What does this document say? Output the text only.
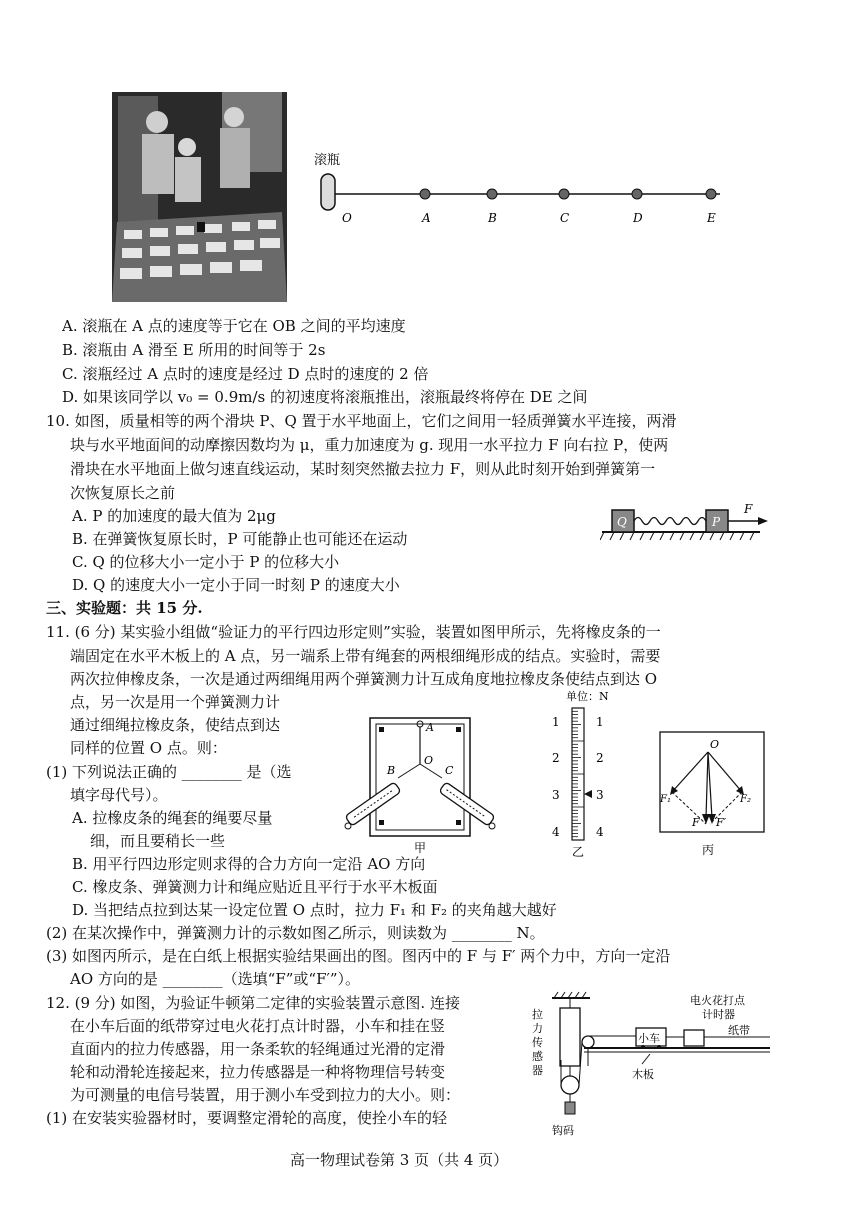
滚瓶
O	A	B	C	D	E
A. 滚瓶在 A 点的速度等于它在 OB 之间的平均速度
B. 滚瓶由 A 滑至 E 所用的时间等于 2s
C. 滚瓶经过 A 点时的速度是经过 D 点时的速度的 2 倍
D. 如果该同学以 v₀ = 0.9m/s 的初速度将滚瓶推出，滚瓶最终将停在 DE 之间
10. 如图，质量相等的两个滑块 P、Q 置于水平地面上，它们之间用一轻质弹簧水平连接，两滑
块与水平地面间的动摩擦因数均为 μ，重力加速度为 g. 现用一水平拉力 F 向右拉 P，使两
滑块在水平地面上做匀速直线运动，某时刻突然撤去拉力 F，则从此时刻开始到弹簧第一
次恢复原长之前
A. P 的加速度的最大值为 2μg
B. 在弹簧恢复原长时，P 可能静止也可能还在运动
C. Q 的位移大小一定小于 P 的位移大小
D. Q 的速度大小一定小于同一时刻 P 的速度大小
Q	P
F
三、实验题：共 15 分.
11. (6 分) 某实验小组做“验证力的平行四边形定则”实验，装置如图甲所示，先将橡皮条的一
端固定在水平木板上的 A 点，另一端系上带有绳套的两根细绳形成的结点。实验时，需要
两次拉伸橡皮条，一次是通过两细绳用两个弹簧测力计互成角度地拉橡皮条使结点到达 O
点，另一次是用一个弹簧测力计
通过细绳拉橡皮条，使结点到达
同样的位置 O 点。则：
(1) 下列说法正确的 ________ 是（选
填字母代号）。
A. 拉橡皮条的绳套的绳要尽量
细，而且要稍长一些
B. 用平行四边形定则求得的合力方向一定沿 AO 方向
C. 橡皮条、弹簧测力计和绳应贴近且平行于水平木板面
D. 当把结点拉到达某一设定位置 O 点时，拉力 F₁ 和 F₂ 的夹角越大越好
(2) 在某次操作中，弹簧测力计的示数如图乙所示，则读数为 ________ N。
(3) 如图丙所示，是在白纸上根据实验结果画出的图。图丙中的 F 与 F′ 两个力中，方向一定沿
AO 方向的是 ________（选填“F”或“F′”）。
A
O
B	C
甲
单位：N
1
2
3
4
1
2
3
4
乙
O
F₁	F₂
F F′
丙
12. (9 分) 如图，为验证牛顿第二定律的实验装置示意图. 连接
在小车后面的纸带穿过电火花打点计时器，小车和挂在竖
直面内的拉力传感器，用一条柔软的轻绳通过光滑的定滑
轮和动滑轮连接起来，拉力传感器是一种将物理信号转变
为可测量的电信号装置，用于测小车受到拉力的大小。则：
(1) 在安装实验器材时，要调整定滑轮的高度，使拴小车的轻
拉
力
传
感
器
钩码
小车
电火花打点
计时器
纸带
木板
高一物理试卷第 3 页（共 4 页）
